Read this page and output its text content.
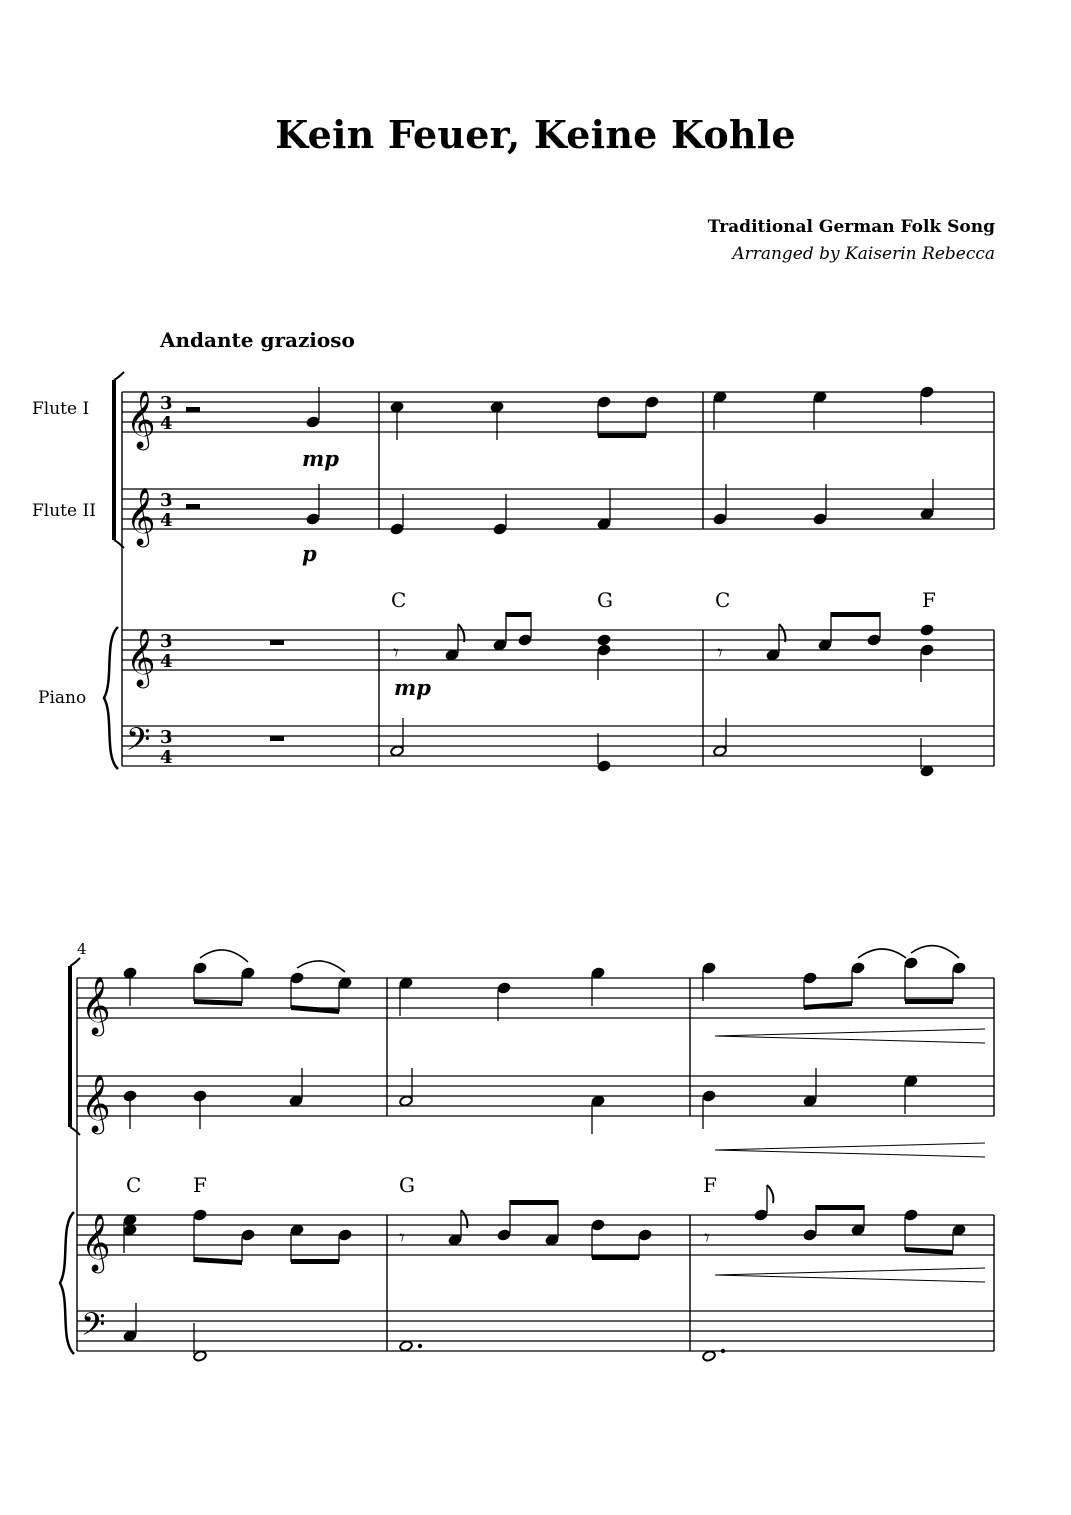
Kein Feuer, Keine Kohle
Traditional German Folk Song
Arranged by Kaiserin Rebecca
Andante grazioso
Flute I
Flute II
Piano
4
mp
p
mp
C	G	C	F
C	F	G	F
𝄞
𝄞
𝄞
𝄢
𝄞
𝄞
𝄞
𝄢
3
4
3
4
3
4
3
4
𝄾	𝄾
𝄾	𝄾
